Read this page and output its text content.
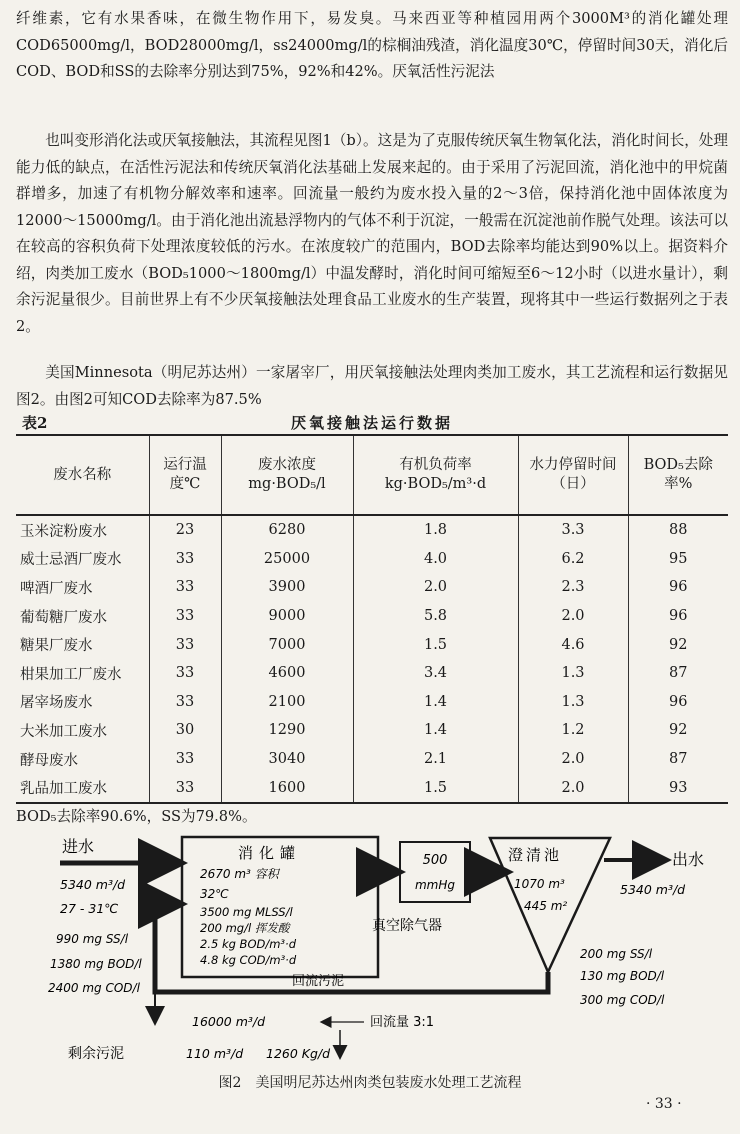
纤维素，它有水果香味，在微生物作用下，易发臭。马来西亚等种植园用两个3000M³的消化罐处理COD65000mg/l，BOD28000mg/l，ss24000mg/l的棕榈油残渣，消化温度30℃，停留时间30天，消化后COD、BOD和SS的去除率分别达到75%，92%和42%。厌氧活性污泥法

也叫变形消化法或厌氧接触法，其流程见图1（b）。这是为了克服传统厌氧生物氧化法，消化时间长，处理能力低的缺点，在活性污泥法和传统厌氧消化法基础上发展来起的。由于采用了污泥回流，消化池中的甲烷菌群增多，加速了有机物分解效率和速率。回流量一般约为废水投入量的2～3倍，保持消化池中固体浓度为12000～15000mg/l。由于消化池出流悬浮物内的气体不利于沉淀，一般需在沉淀池前作脱气处理。该法可以在较高的容积负荷下处理浓度较低的污水。在浓度较广的范围内，BOD去除率均能达到90%以上。据资料介绍，肉类加工废水（BOD₅1000～1800mg/l）中温发酵时，消化时间可缩短至6～12小时（以进水量计），剩余污泥量很少。目前世界上有不少厌氧接触法处理食品工业废水的生产装置，现将其中一些运行数据列之于表2。

美国Minnesota（明尼苏达州）一家屠宰厂，用厌氧接触法处理肉类加工废水，其工艺流程和运行数据见图2。由图2可知COD去除率为87.5%

表2	厌氧接触法运行数据
废水名称	运行温度℃	废水浓度 mg·BOD₅/l	有机负荷率 kg·BOD₅/m³·d	水力停留时间（日）	BOD₅去除率%
玉米淀粉废水	23	6280	1.8	3.3	88
威士忌酒厂废水	33	25000	4.0	6.2	95
啤酒厂废水	33	3900	2.0	2.3	96
葡萄糖厂废水	33	9000	5.8	2.0	96
糖果厂废水	33	7000	1.5	4.6	92
柑果加工厂废水	33	4600	3.4	1.3	87
屠宰场废水	33	2100	1.4	1.3	96
大米加工废水	30	1290	1.4	1.2	92
酵母废水	33	3040	2.1	2.0	87
乳品加工废水	33	1600	1.5	2.0	93
BOD₅去除率90.6%，SS为79.8%。
进水
5340 m³/d
27 - 31℃
990 mg SS/l
1380 mg BOD/l
2400 mg COD/l
消化罐
2670 m³ 容积
32℃
3500 mg MLSS/l
200 mg/l 挥发酸
2.5 kg BOD/m³·d
4.8 kg COD/m³·d
500
mmHg
真空除气器
澄清池
1070 m³
445 m²
出水
5340 m³/d
200 mg SS/l
130 mg BOD/l
300 mg COD/l
回流污泥
16000 m³/d	回流量 3:1
剩余污泥	110 m³/d 1260 Kg/d
图2　美国明尼苏达州肉类包装废水处理工艺流程
· 33 ·
